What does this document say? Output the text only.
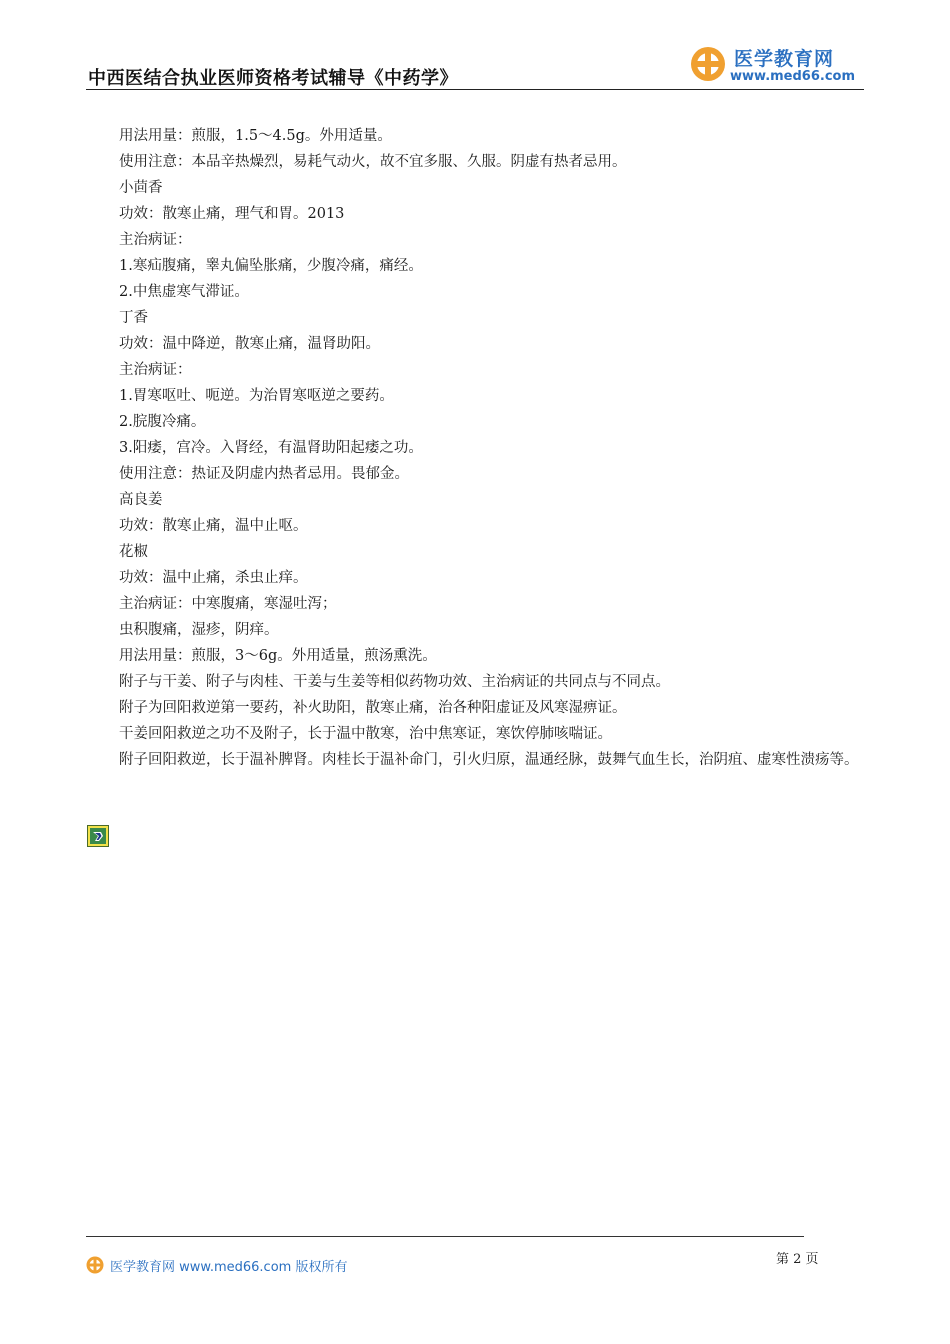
中西医结合执业医师资格考试辅导《中药学》
医学教育网
www.med66.com
用法用量：煎服，1.5～4.5g。外用适量。
使用注意：本品辛热燥烈，易耗气动火，故不宜多服、久服。阴虚有热者忌用。
小茴香
功效：散寒止痛，理气和胃。2013
主治病证：
1.寒疝腹痛，睾丸偏坠胀痛，少腹冷痛，痛经。
2.中焦虚寒气滞证。
丁香
功效：温中降逆，散寒止痛，温肾助阳。
主治病证：
1.胃寒呕吐、呃逆。为治胃寒呕逆之要药。
2.脘腹冷痛。
3.阳痿，宫冷。入肾经，有温肾助阳起痿之功。
使用注意：热证及阴虚内热者忌用。畏郁金。
高良姜
功效：散寒止痛，温中止呕。
花椒
功效：温中止痛，杀虫止痒。
主治病证：中寒腹痛，寒湿吐泻；
虫积腹痛，湿疹，阴痒。
用法用量：煎服，3～6g。外用适量，煎汤熏洗。
附子与干姜、附子与肉桂、干姜与生姜等相似药物功效、主治病证的共同点与不同点。
附子为回阳救逆第一要药，补火助阳，散寒止痛，治各种阳虚证及风寒湿痹证。
干姜回阳救逆之功不及附子，长于温中散寒，治中焦寒证，寒饮停肺咳喘证。
附子回阳救逆，长于温补脾肾。肉桂长于温补命门，引火归原，温通经脉，鼓舞气血生长，治阴疽、虚寒性溃疡等。
医学教育网 www.med66.com 版权所有
第 2 页
